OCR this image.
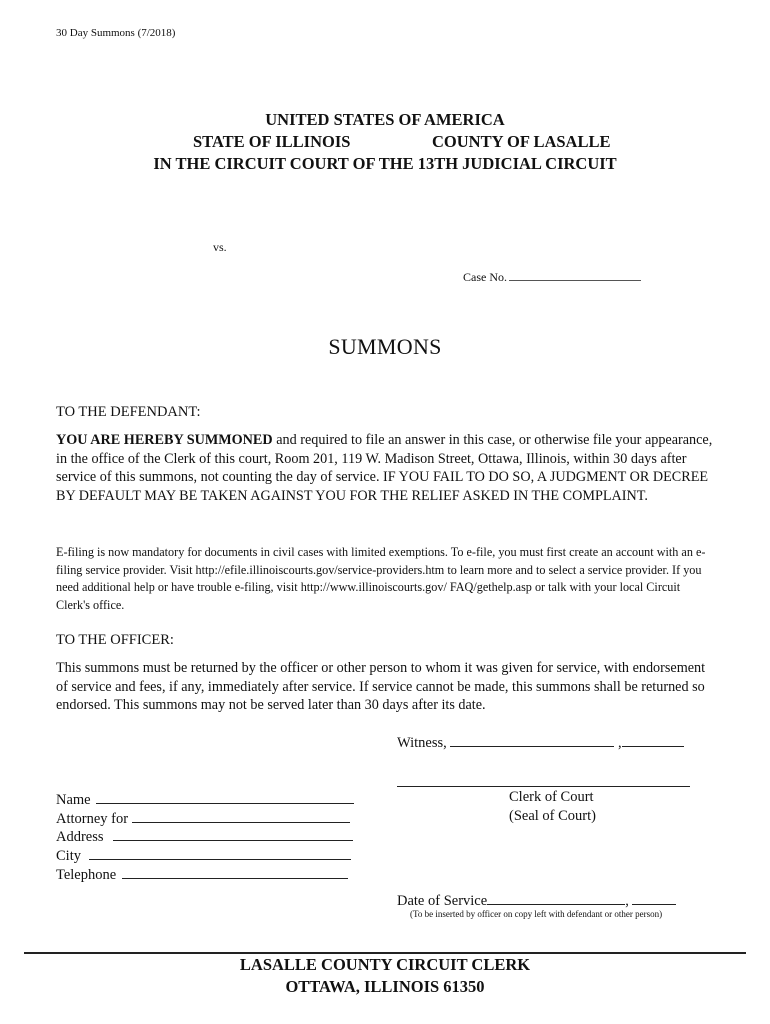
30 Day Summons (7/2018)
UNITED STATES OF AMERICA
STATE OF ILLINOIS	COUNTY OF LASALLE
IN THE CIRCUIT COURT OF THE 13TH JUDICIAL CIRCUIT
vs.
Case No.
SUMMONS
TO THE DEFENDANT:
YOU ARE HEREBY SUMMONED and required to file an answer in this case, or otherwise file your appearance, in the office of the Clerk of this court, Room 201, 119 W. Madison Street, Ottawa, Illinois, within 30 days after service of this summons, not counting the day of service. IF YOU FAIL TO DO SO, A JUDGMENT OR DECREE BY DEFAULT MAY BE TAKEN AGAINST YOU FOR THE RELIEF ASKED IN THE COMPLAINT.
E-filing is now mandatory for documents in civil cases with limited exemptions. To e-file, you must first create an account with an e-filing service provider. Visit http://efile.illinoiscourts.gov/service-providers.htm to learn more and to select a service provider. If you need additional help or have trouble e-filing, visit http://www.illinoiscourts.gov/ FAQ/gethelp.asp or talk with your local Circuit Clerk's office.
TO THE OFFICER:
This summons must be returned by the officer or other person to whom it was given for service, with endorsement of service and fees, if any, immediately after service. If service cannot be made, this summons shall be returned so endorsed. This summons may not be served later than 30 days after its date.
Witness,	,
Clerk of Court
(Seal of Court)
Name
Attorney for
Address
City
Telephone
Date of Service	,
(To be inserted by officer on copy left with defendant or other person)
LASALLE COUNTY CIRCUIT CLERK
OTTAWA, ILLINOIS 61350
